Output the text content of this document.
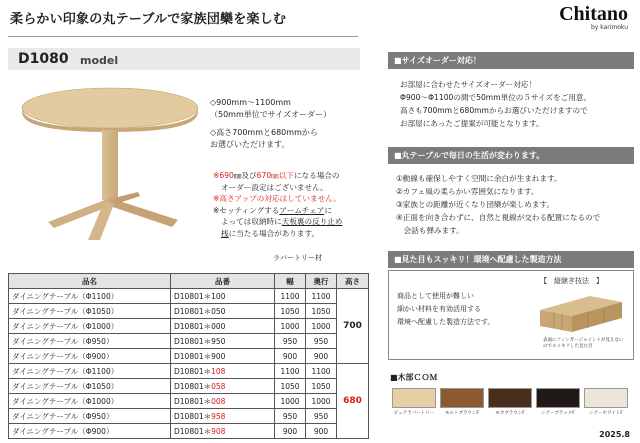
柔らかい印象の丸テーブルで家族団欒を楽しむ	Chitano
by karimoku
D1080 model
◇900mm～1100mm
（50mm単位でサイズオーダー）
◇高さ700mmと680mmから
お選びいただけます。
※690㎜及び670㎜以下になる場合の
オーダー設定はございません。
※高さアップの対応はしていません。
※セッティングするアームチェアに
よっては収納時に天板裏の反り止め
桟に当たる場合があります。
ラバートリー材
品名	品番	幅	奥行	高さ
ダイニングテーブル（Φ1100）	D10801＊100	1100	1100	700
ダイニングテーブル（Φ1050）	D10801＊050	1050	1050	
ダイニングテーブル（Φ1000）	D10801＊000	1000	1000	
ダイニングテーブル（Φ950）	D10801＊950	950	950	
ダイニングテーブル（Φ900）	D10801＊900	900	900	
ダイニングテーブル（Φ1100）	D10801＊108	1100	1100	680
ダイニングテーブル（Φ1050）	D10801＊058	1050	1050	
ダイニングテーブル（Φ1000）	D10801＊008	1000	1000	
ダイニングテーブル（Φ950）	D10801＊958	950	950	
ダイニングテーブル（Φ900）	D10801＊908	900	900	
■サイズオーダー対応！
お部屋に合わせたサイズオーダー対応！
Φ900～Φ1100の間で50mm単位の５サイズをご用意。
高さも700mmと680mmからお選びいただけますので
お部屋にあったご提案が可能となります。
■丸テーブルで毎日の生活が変わります。
①動線も確保しやすく空間に余白が生まれます。
②カフェ風の柔らかい雰囲気になります。
③家族との距離が近くなり団欒が楽しめます。
④正面を向き合わずに、自然と視線が交わる配置になるので
　会話も弾みます。
■見た目もスッキリ！環境へ配慮した製造方法
【　縦継ぎ技法　】
商品として使用が難しい
細かい材料を有効活用する
環境へ配慮した製造方法です。
表面にフィンガージョイントが見えないのでスッキリした見た目
■木部ＣＯＭ
ピュアラバートリー	モルトブラウンF	モカブラウンF	シアーブラックF	シアーホワイトF
2025.8
